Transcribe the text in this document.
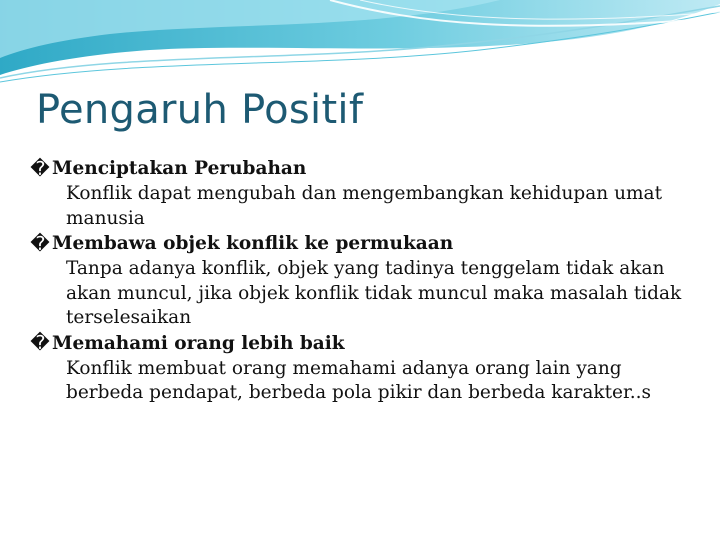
Pengaruh Positif
� Menciptakan Perubahan

Konflik dapat mengubah dan mengembangkan kehidupan umat manusia

� Membawa objek konflik ke permukaan

Tanpa adanya konflik, objek yang tadinya tenggelam tidak akan akan muncul, jika objek konflik tidak muncul maka masalah tidak terselesaikan

� Memahami orang lebih baik

Konflik membuat orang memahami adanya orang lain yang berbeda pendapat, berbeda pola pikir dan berbeda karakter..s
